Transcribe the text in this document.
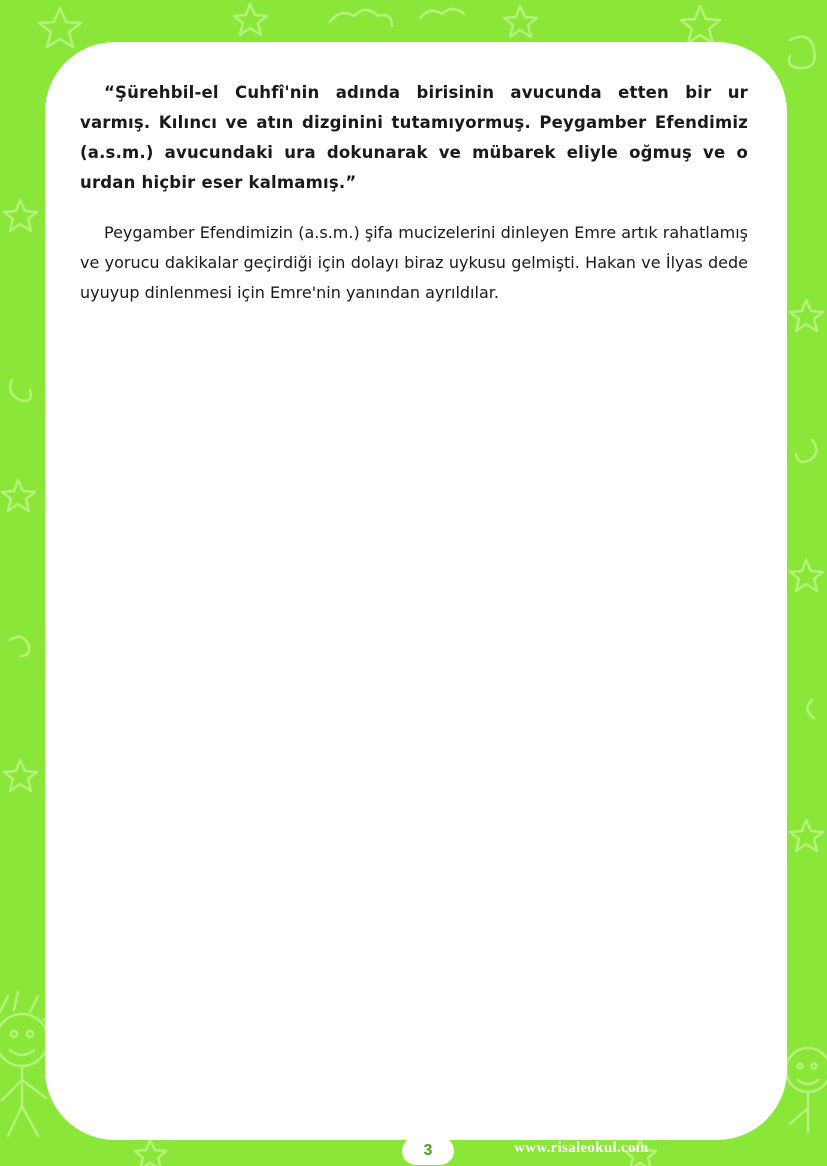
“Şürehbil-el Cuhfî'nin adında birisinin avucunda etten bir ur varmış. Kılıncı ve atın dizginini tutamıyormuş. Peygamber Efendimiz (a.s.m.) avucundaki ura dokunarak ve mübarek eliyle oğmuş ve o urdan hiçbir eser kalmamış.”

Peygamber Efendimizin (a.s.m.) şifa mucizelerini dinleyen Emre artık rahatlamış ve yorucu dakikalar geçirdiği için dolayı biraz uykusu gelmişti. Hakan ve İlyas dede uyuyup dinlenmesi için Emre'nin yanından ayrıldılar.

3	www.risaleokul.com
